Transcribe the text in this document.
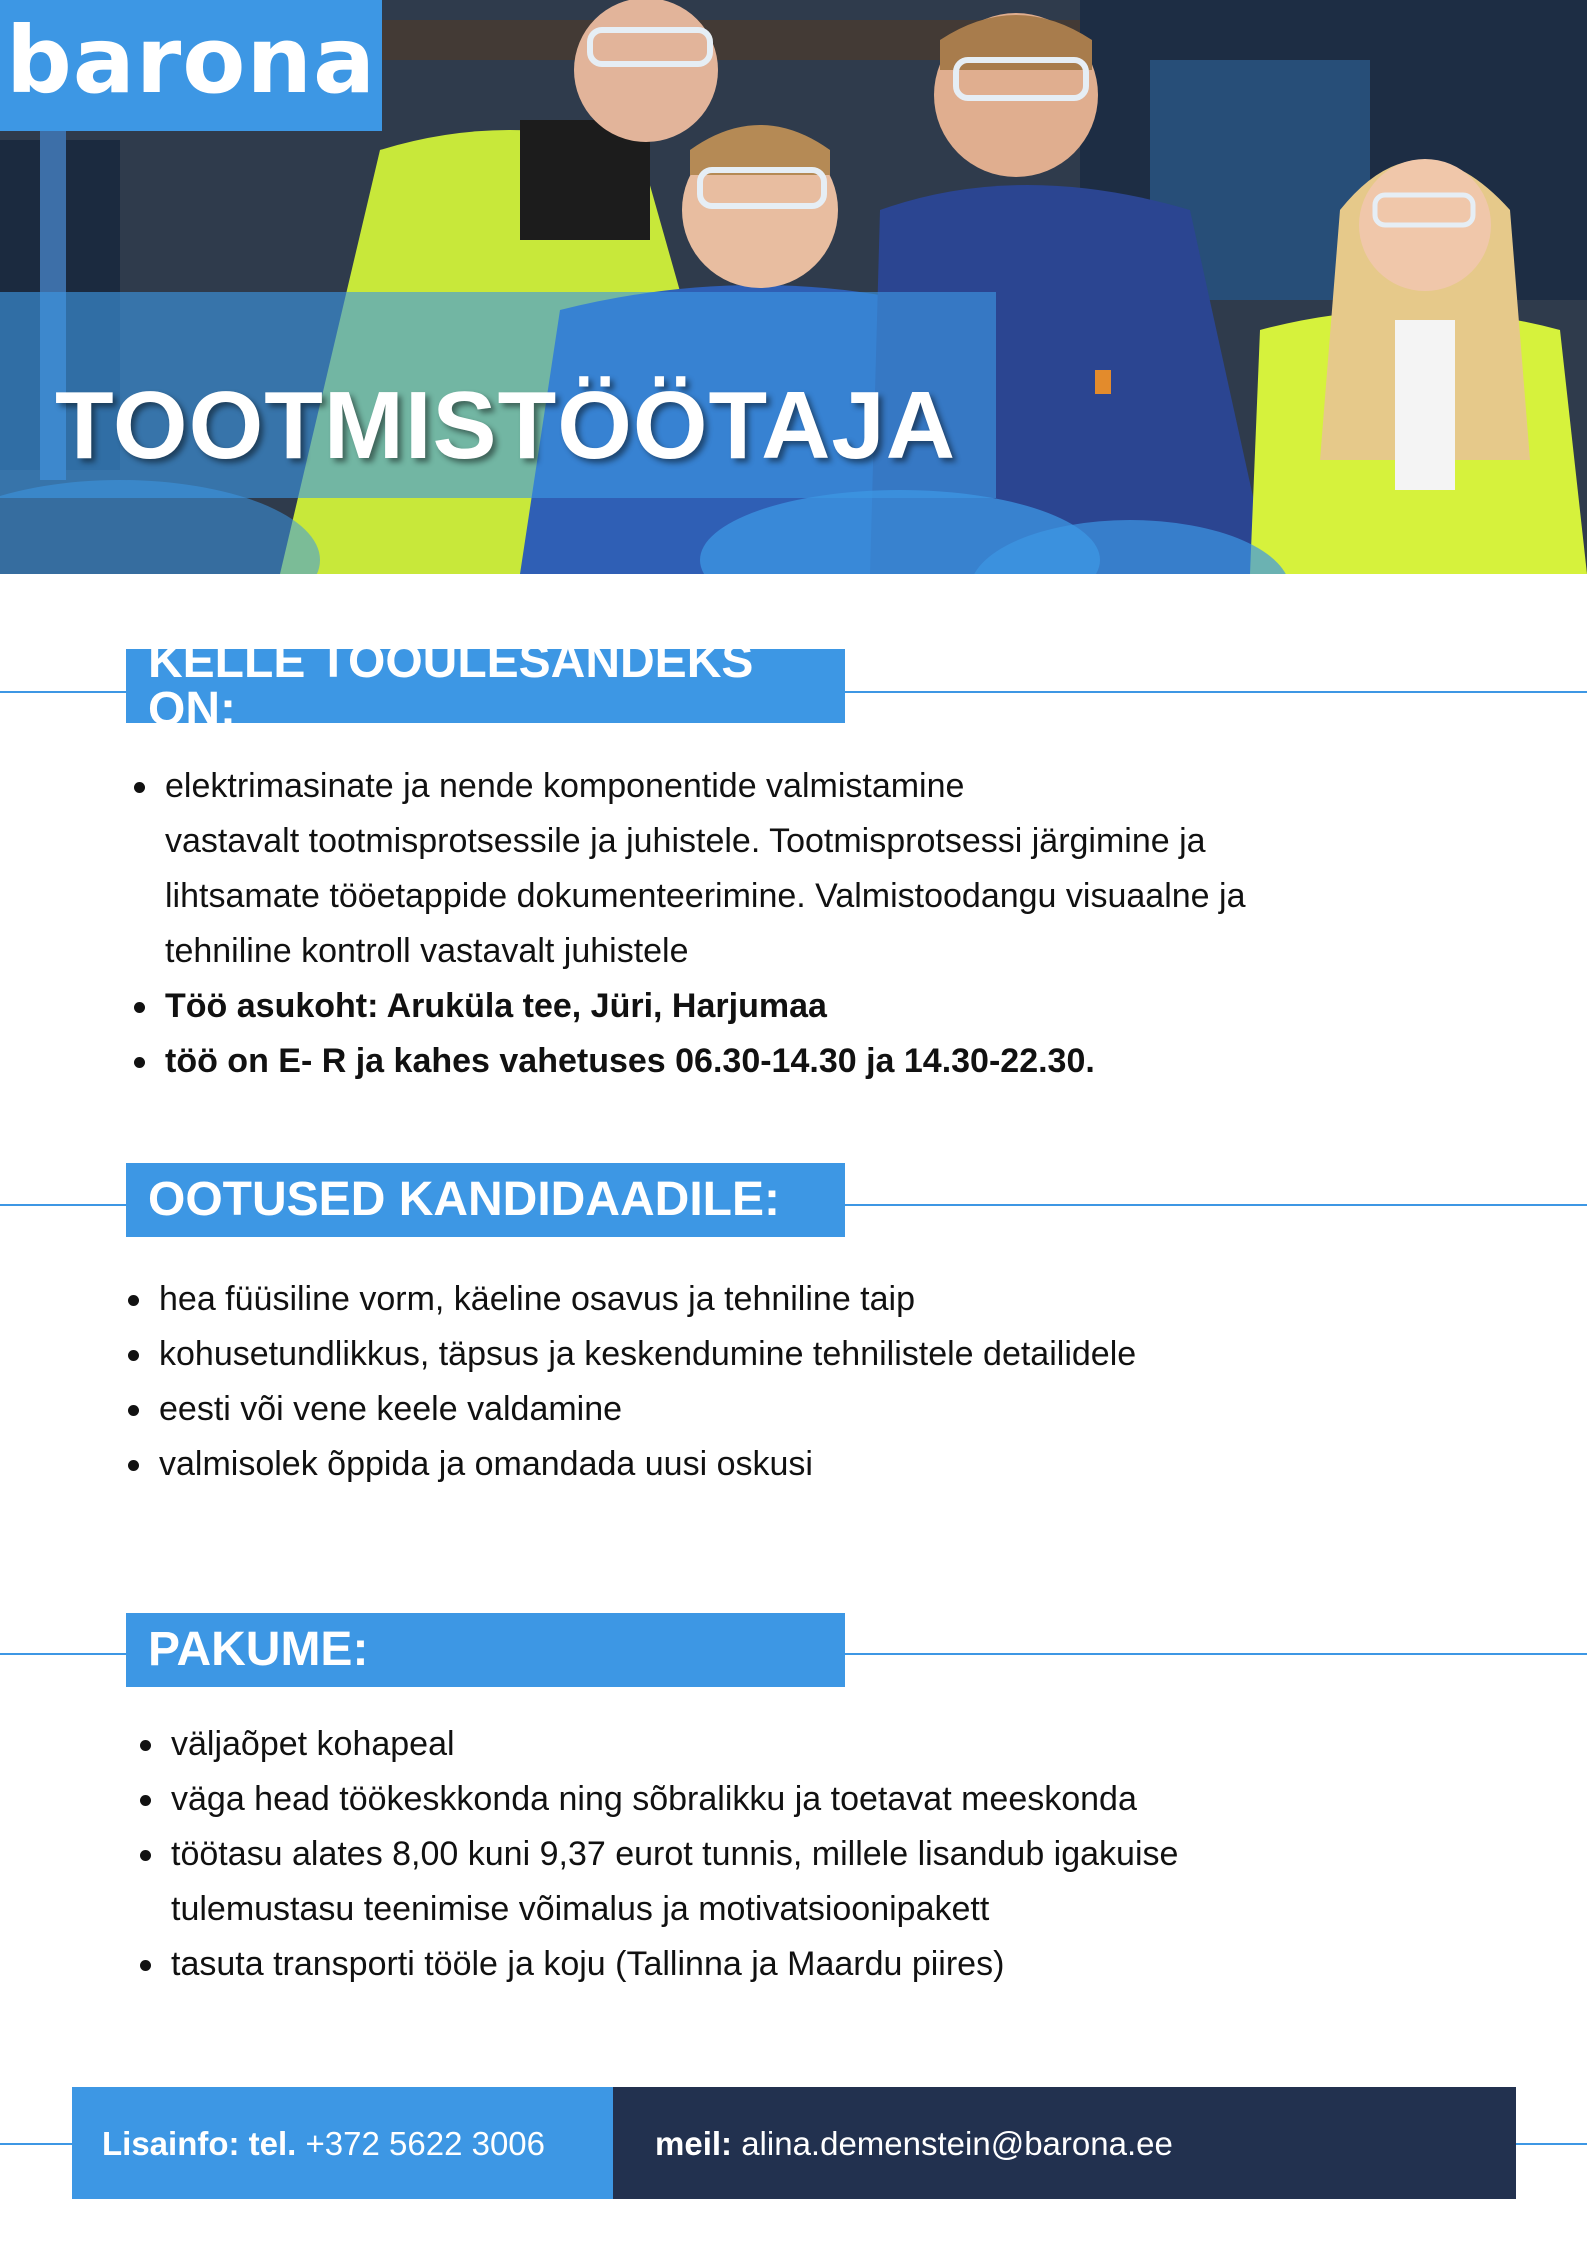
barona
TOOTMISTÖÖTAJA
KELLE TÖÖÜLESANDEKS ON:
elektrimasinate ja nende komponentide valmistamine
vastavalt tootmisprotsessile ja juhistele. Tootmisprotsessi järgimine ja
lihtsamate tööetappide dokumenteerimine. Valmistoodangu visuaalne ja
tehniline kontroll vastavalt juhistele
Töö asukoht: Aruküla tee, Jüri, Harjumaa
töö on E- R ja kahes vahetuses 06.30-14.30 ja 14.30-22.30.
OOTUSED KANDIDAADILE:
hea füüsiline vorm, käeline osavus ja tehniline taip
kohusetundlikkus, täpsus ja keskendumine tehnilistele detailidele
eesti või vene keele valdamine
valmisolek õppida ja omandada uusi oskusi
PAKUME:
väljaõpet kohapeal
väga head töökeskkonda ning sõbralikku ja toetavat meeskonda
töötasu alates 8,00 kuni 9,37 eurot tunnis, millele lisandub igakuise
tulemustasu teenimise võimalus ja motivatsioonipakett
tasuta transporti tööle ja koju (Tallinna ja Maardu piires)
Lisainfo: tel. +372 5622 3006	meil: alina.demenstein@barona.ee
